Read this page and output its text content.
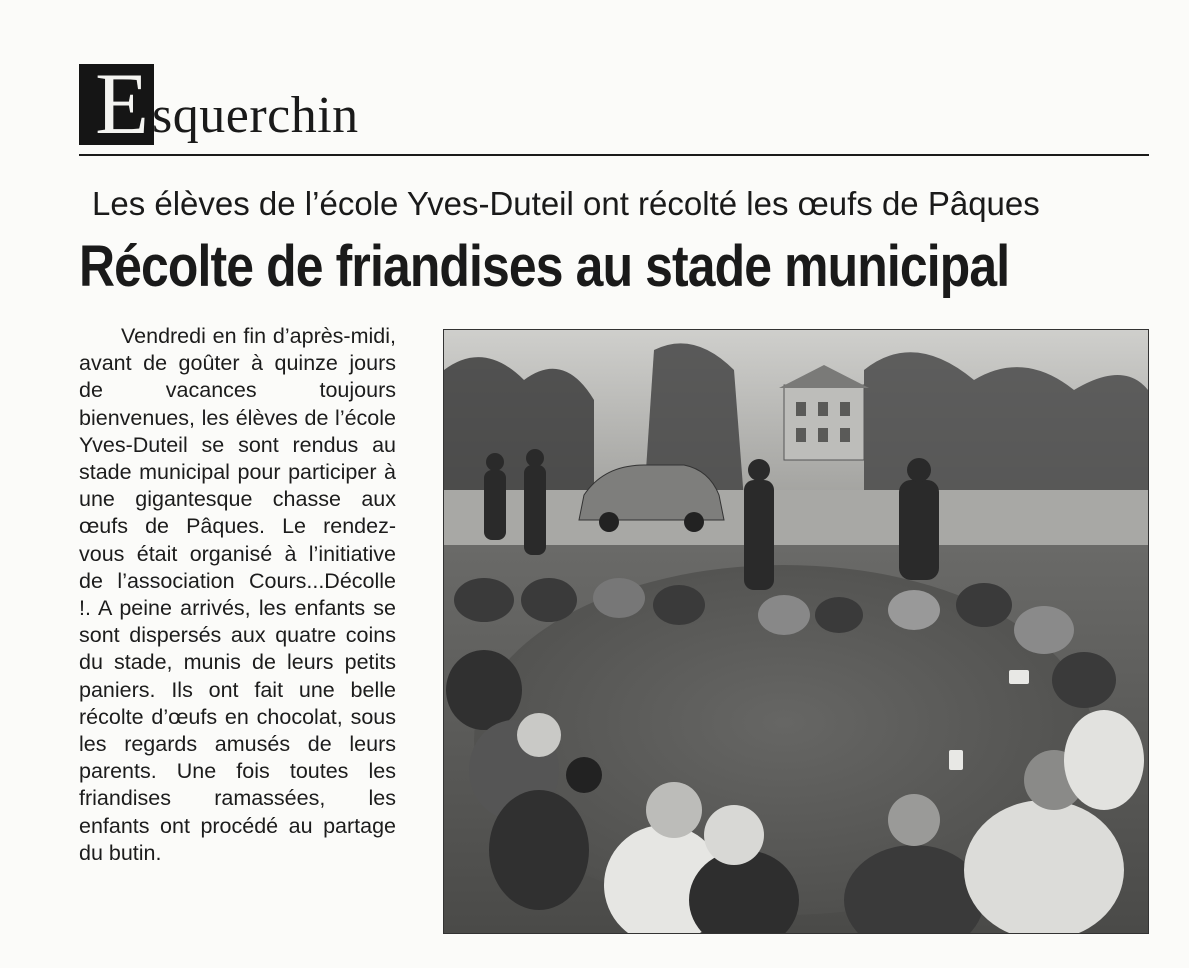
E squerchin
Les élèves de l’école Yves-Duteil ont récolté les œufs de Pâques
Récolte de friandises au stade municipal
Vendredi en fin d’après-midi, avant de goûter à quinze jours de vacances toujours bienvenues, les élèves de l’école Yves-Duteil se sont rendus au stade municipal pour participer à une gigantesque chasse aux œufs de Pâques. Le rendez-vous était organisé à l’initiative de l’association Cours...Décolle !. A peine arrivés, les enfants se sont dispersés aux quatre coins du stade, munis de leurs petits paniers. Ils ont fait une belle récolte d’œufs en chocolat, sous les regards amusés de leurs parents. Une fois toutes les friandises ramassées, les enfants ont procédé au partage du butin.
